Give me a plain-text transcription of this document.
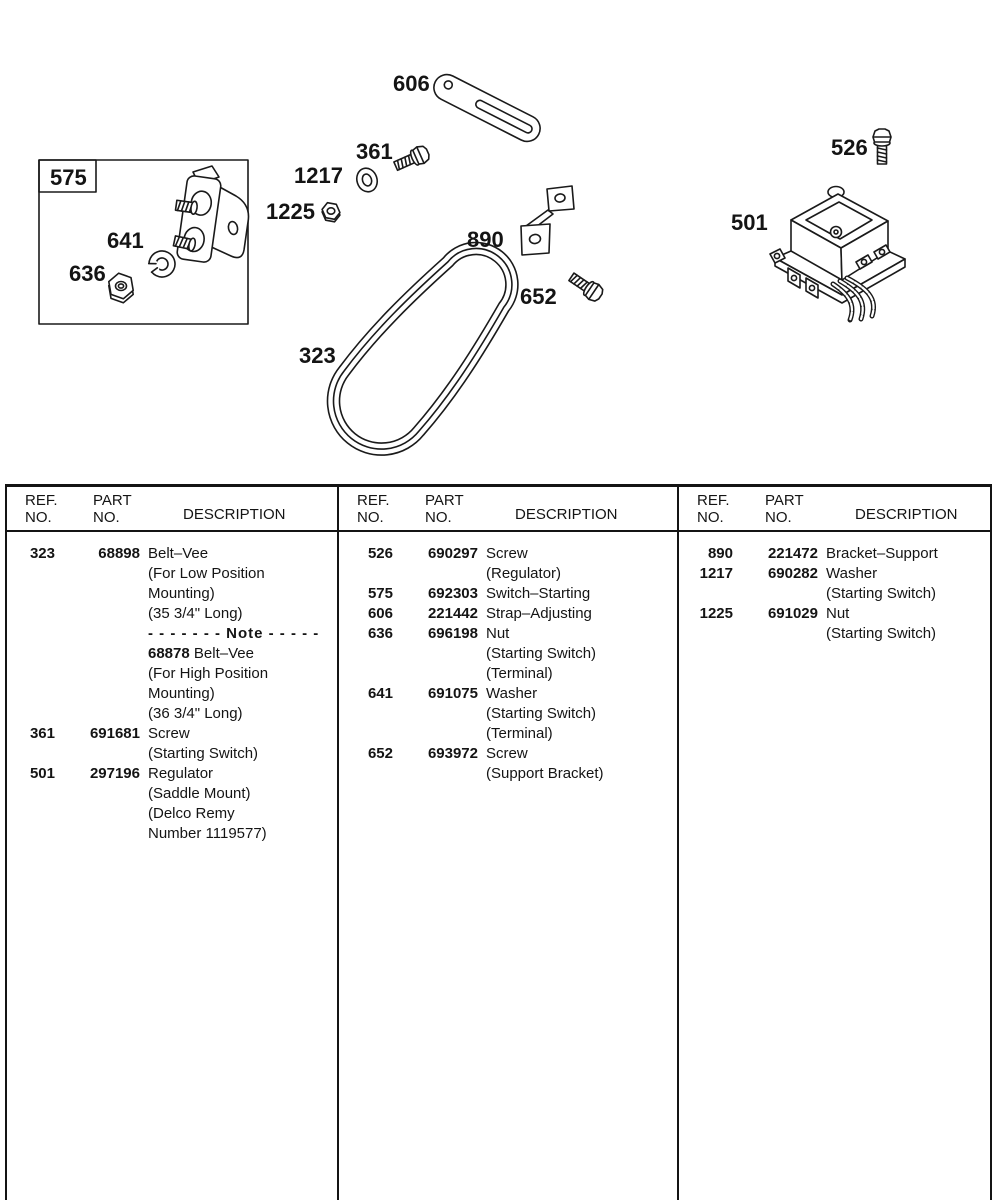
575
641
636
606
361
1217
1225
890
652
323
526
501
REF.
NO.
PART
NO.	DESCRIPTION
REF.
NO.
PART
NO.	DESCRIPTION
REF.
NO.
PART
NO.	DESCRIPTION
323	68898 Belt–Vee
(For Low Position
Mounting)
(35 3/4" Long)
- - - - - - - Note - - - - -
68878 Belt–Vee
(For High Position
Mounting)
(36 3/4" Long)
361	691681 Screw
(Starting Switch)
501	297196 Regulator
(Saddle Mount)
(Delco Remy
Number 1119577)
526	690297 Screw
(Regulator)
575	692303 Switch–Starting
606	221442 Strap–Adjusting
636	696198 Nut
(Starting Switch)
(Terminal)
641	691075 Washer
(Starting Switch)
(Terminal)
652	693972 Screw
(Support Bracket)
890	221472 Bracket–Support
1217	690282 Washer
(Starting Switch)
1225	691029 Nut
(Starting Switch)
